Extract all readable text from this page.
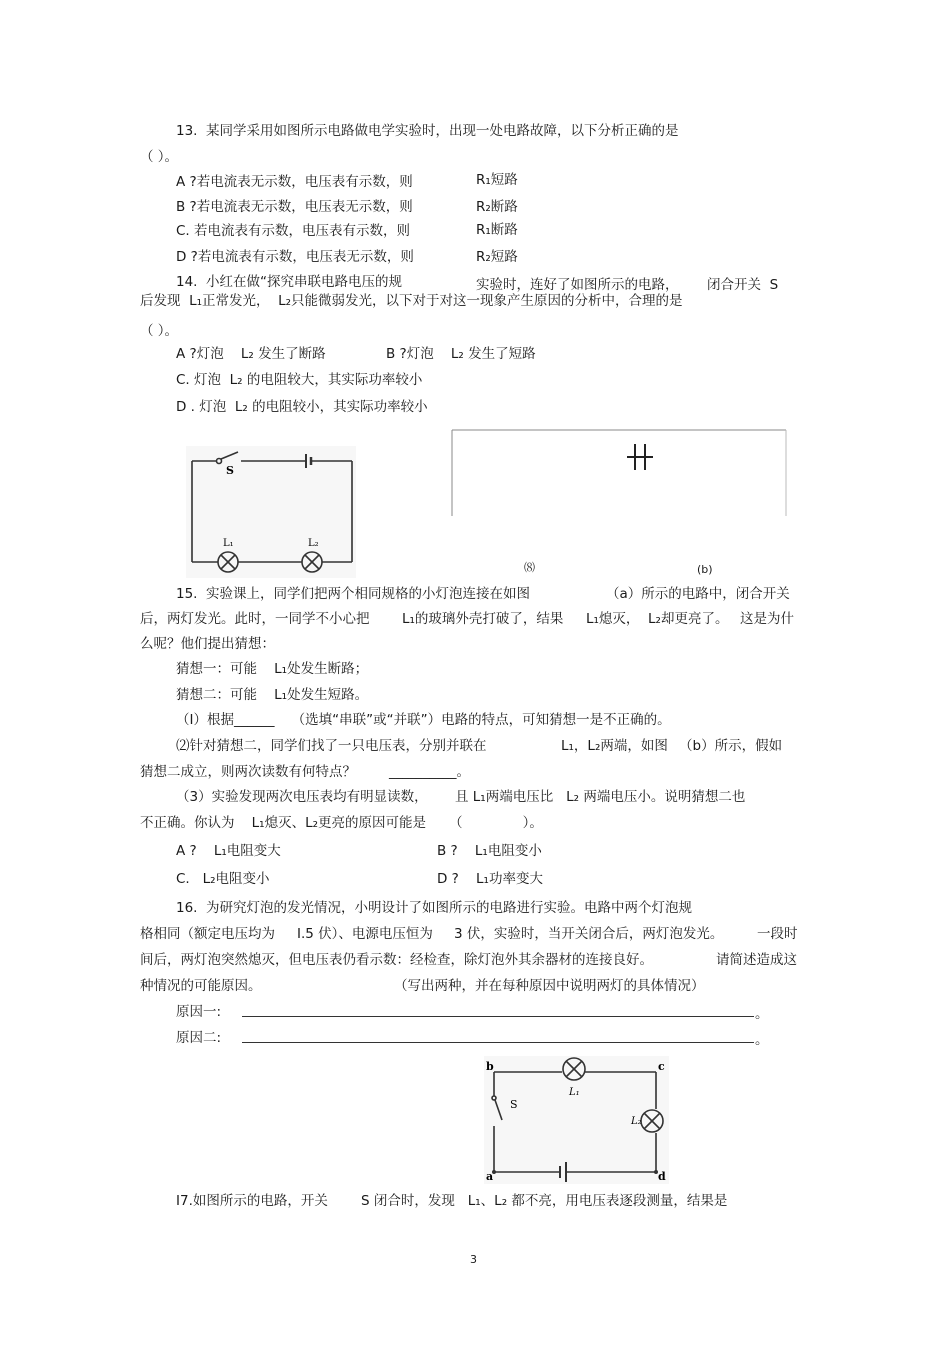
13.  某同学采用如图所示电路做电学实验时，出现一处电路故障，以下分析正确的是
（ ）。
A ?若电流表无示数，电压表有示数，则	R₁短路
B ?若电流表无示数，电压表无示数，则	R₂断路
C. 若电流表有示数，电压表有示数，则	R₁断路
D ?若电流表有示数，电压表无示数，则	R₂短路
14.  小红在做“探究串联电路电压的规	实验时，连好了如图所示的电路， 闭合开关  S
后发现  L₁正常发光，  L₂只能微弱发光，以下对于对这一现象产生原因的分析中，合理的是
（ ）。
A ?灯泡    L₂ 发生了断路	B ?灯泡    L₂ 发生了短路
C. 灯泡  L₂ 的电阻较大，其实际功率较小
D . 灯泡  L₂ 的电阻较小，其实际功率较小
S
L₁	L₂
⑻	(b)
15.  实验课上，同学们把两个相同规格的小灯泡连接在如图	（a）所示的电路中，闭合开关
后，两灯发光。此时，一同学不小心把 L₁的玻璃外壳打破了，结果 L₁熄灭，  L₂却更亮了。 这是为什
么呢？他们提出猜想：
猜想一：可能    L₁处发生断路；
猜想二：可能    L₁处发生短路。
（I）根据______    （选填“串联”或“并联”）电路的特点，可知猜想一是不正确的。
⑵针对猜想二，同学们找了一只电压表，分别并联在	L₁，L₂两端，如图 （b）所示，假如
猜想二成立，则两次读数有何特点？ __________。
（3）实验发现两次电压表均有明显读数， 且 L₁两端电压比   L₂ 两端电压小。说明猜想二也
不正确。你认为    L₁熄灭、L₂更亮的原因可能是 （              ）。
A ?    L₁电阻变大	B ?    L₁电阻变小
C.   L₂电阻变小	D ?    L₁功率变大
16.  为研究灯泡的发光情况，小明设计了如图所示的电路进行实验。电路中两个灯泡规
格相同（额定电压均为 I.5 伏）、电源电压恒为 3 伏，实验时，当开关闭合后，两灯泡发光。 一段时
间后，两灯泡突然熄灭，但电压表仍看示数：经检查，除灯泡外其余器材的连接良好。	请简述造成这
种情况的可能原因。	（写出两种，并在每种原因中说明两灯的具体情况）
原因一:	。
原因二:	。
b	c
a	d
S
L₁
L₂
I7.如图所示的电路，开关 S 闭合时，发现   L₁、L₂ 都不亮，用电压表逐段测量，结果是
3
